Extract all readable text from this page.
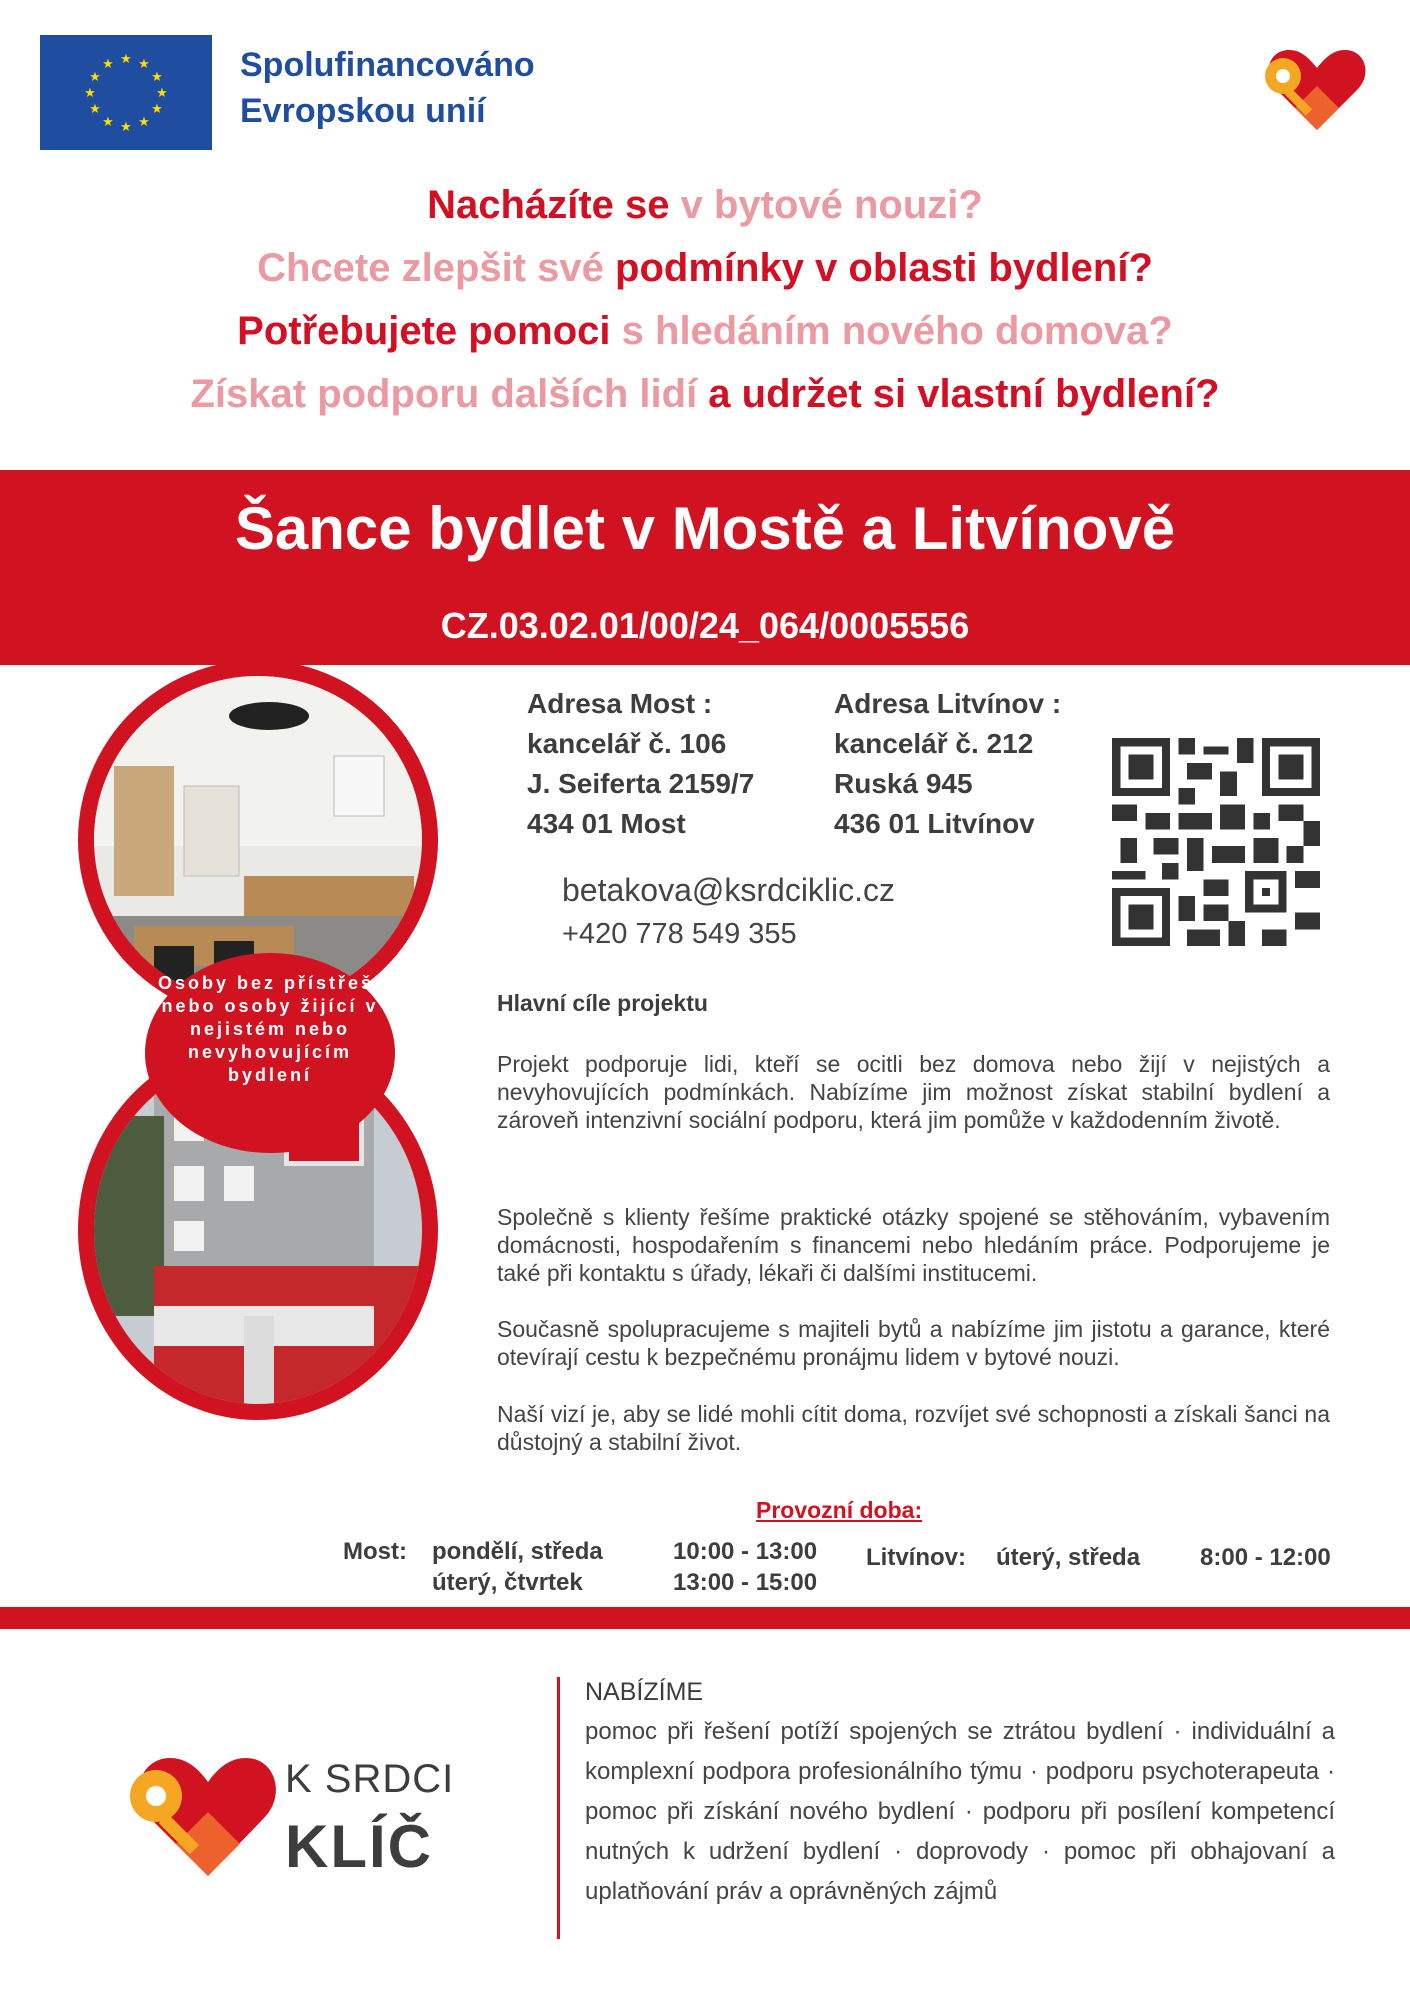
★ ★
★
★
★
★
★
★
★
★
★
★	Spolufinancováno
Evropskou unií
Nacházíte se v bytové nouzi?
Chcete zlepšit své podmínky v oblasti bydlení?
Potřebujete pomoci s hledáním nového domova?
Získat podporu dalších lidí a udržet si vlastní bydlení?
Šance bydlet v Mostě a Litvínově
CZ.03.02.01/00/24_064/0005556
Osoby bez přístřeší nebo osoby žijící v nejistém nebo nevyhovujícím bydlení
Adresa Most :
kancelář č. 106
J. Seiferta 2159/7
434 01 Most
Adresa Litvínov :
kancelář č. 212
Ruská 945
436 01 Litvínov
betakova@ksrdciklic.cz
+420 778 549 355
Hlavní cíle projektu
Projekt podporuje lidi, kteří se ocitli bez domova nebo žijí v nejistých a nevyhovujících podmínkách. Nabízíme jim možnost získat stabilní bydlení a zároveň intenzivní sociální podporu, která jim pomůže v každodenním životě.
Společně s klienty řešíme praktické otázky spojené se stěhováním, vybavením domácnosti, hospodařením s financemi nebo hledáním práce. Podporujeme je také při kontaktu s úřady, lékaři či dalšími institucemi.
Současně spolupracujeme s majiteli bytů a nabízíme jim jistotu a garance, které otevírají cestu k bezpečnému pronájmu lidem v bytové nouzi.
Naší vizí je, aby se lidé mohli cítit doma, rozvíjet své schopnosti a získali šanci na důstojný a stabilní život.
Provozní doba:
Most: pondělí, středa
úterý, čtvrtek
10:00 - 13:00
13:00 - 15:00
Litvínov: úterý, středa 8:00 - 12:00
K SRDCI
KLÍČ
NABÍZÍME
pomoc při řešení potíží spojených se ztrátou bydlení · individuální a komplexní podpora profesionálního týmu · podporu psychoterapeuta · pomoc při získání nového bydlení · podporu při posílení kompetencí nutných k udržení bydlení · doprovody · pomoc při obhajovaní a uplatňování práv a oprávněných zájmů
